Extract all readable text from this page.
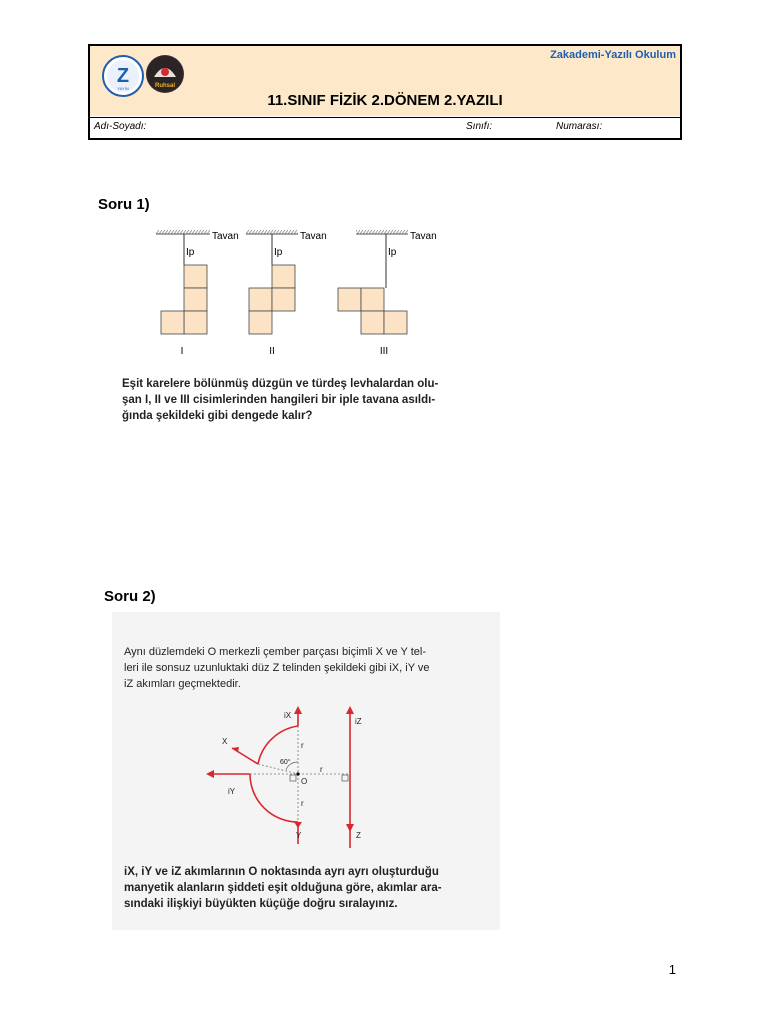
Z
YAYIN	Ruhsal
Zakademi-Yazılı Okulum
11.SINIF FİZİK 2.DÖNEM 2.YAZILI
Adı-Soyadı:	Sınıfı:	Numarası:
Soru 1)
Tavan
Ip
I
Tavan
Ip
II
Tavan
Ip
III
Eşit karelere bölünmüş düzgün ve türdeş levhalardan olu-
şan I, II ve III cisimlerinden hangileri bir iple tavana asıldı-
ğında şekildeki gibi dengede kalır?
Soru 2)
Aynı düzlemdeki O merkezli çember parçası biçimli X ve Y tel-
leri ile sonsuz uzunluktaki düz Z telinden şekildeki gibi iX, iY ve
iZ akımları geçmektedir.
X
Y	Z
O
r
r
r
60°
iX
iY
iZ
iX, iY ve iZ akımlarının O noktasında ayrı ayrı oluşturduğu
manyetik alanların şiddeti eşit olduğuna göre, akımlar ara-
sındaki ilişkiyi büyükten küçüğe doğru sıralayınız.
1
